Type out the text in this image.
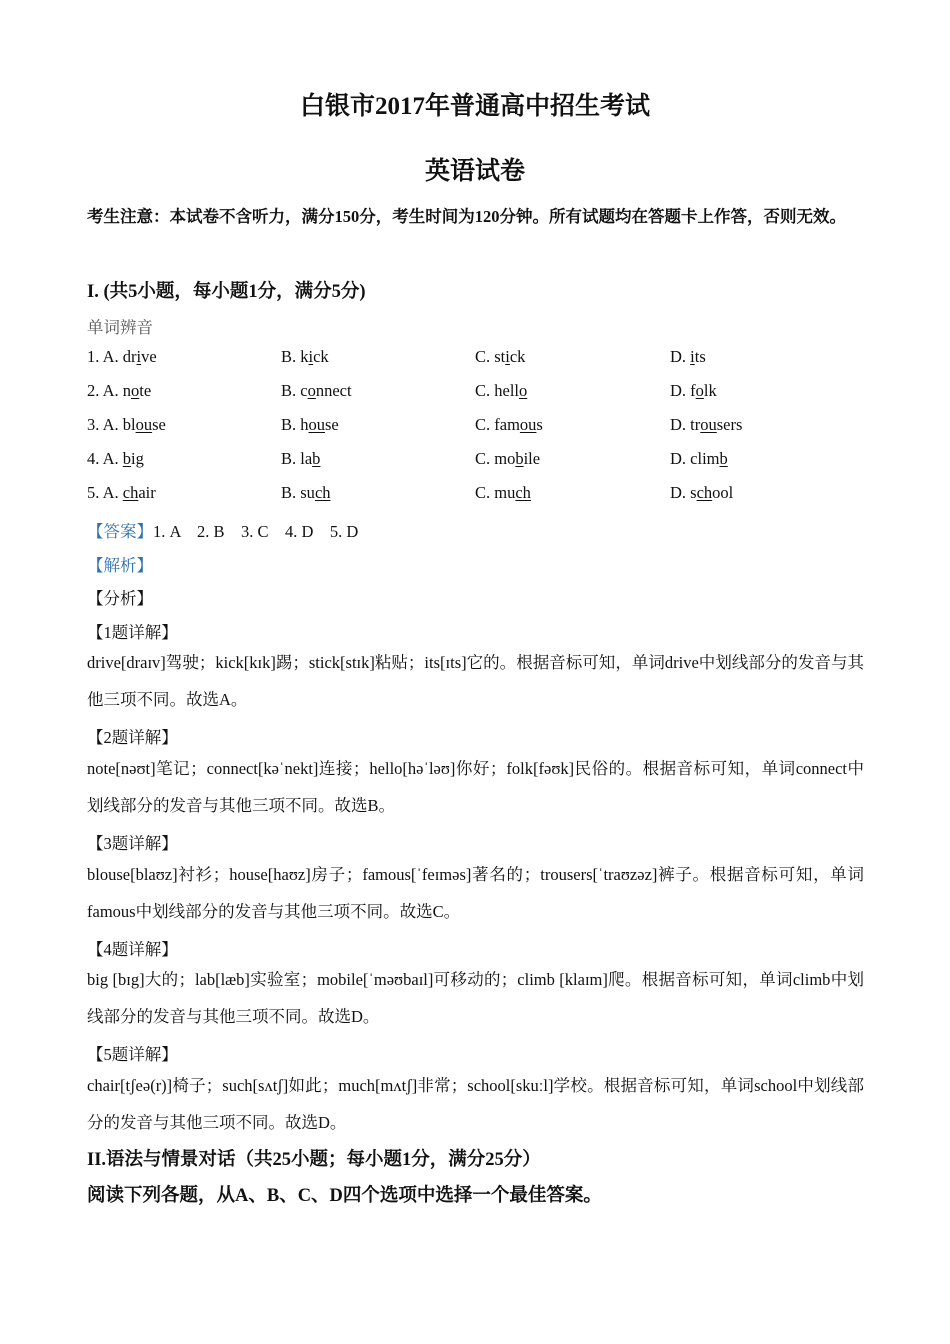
白银市2017年普通高中招生考试
英语试卷
考生注意：本试卷不含听力，满分150分，考生时间为120分钟。所有试题均在答题卡上作答，否则无效。
I. (共5小题，每小题1分，满分5分)
单词辨音
1. A. drive	B. kick	C. stick	D. its
2. A. note	B. connect	C. hello	D. folk
3. A. blouse	B. house	C. famous	D. trousers
4. A. big	B. lab	C. mobile	D. climb
5. A. chair	B. such	C. much	D. school
【答案】1. A    2. B    3. C    4. D    5. D
【解析】
【分析】
【1题详解】
drive[draɪv]驾驶；kick[kɪk]踢；stick[stɪk]粘贴；its[ɪts]它的。根据音标可知，单词drive中划线部分的发音与其他三项不同。故选A。
【2题详解】
note[nəʊt]笔记；connect[kəˈnekt]连接；hello[həˈləʊ]你好；folk[fəʊk]民俗的。根据音标可知，单词connect中划线部分的发音与其他三项不同。故选B。
【3题详解】
blouse[blaʊz]衬衫；house[haʊz]房子；famous[ˈfeɪməs]著名的；trousers[ˈtraʊzəz]裤子。根据音标可知，单词famous中划线部分的发音与其他三项不同。故选C。
【4题详解】
big [bɪg]大的；lab[læb]实验室；mobile[ˈməʊbaɪl]可移动的；climb [klaɪm]爬。根据音标可知，单词climb中划线部分的发音与其他三项不同。故选D。
【5题详解】
chair[tʃeə(r)]椅子；such[sʌtʃ]如此；much[mʌtʃ]非常；school[skuːl]学校。根据音标可知，单词school中划线部分的发音与其他三项不同。故选D。
II.语法与情景对话（共25小题；每小题1分，满分25分）
阅读下列各题，从A、B、C、D四个选项中选择一个最佳答案。
